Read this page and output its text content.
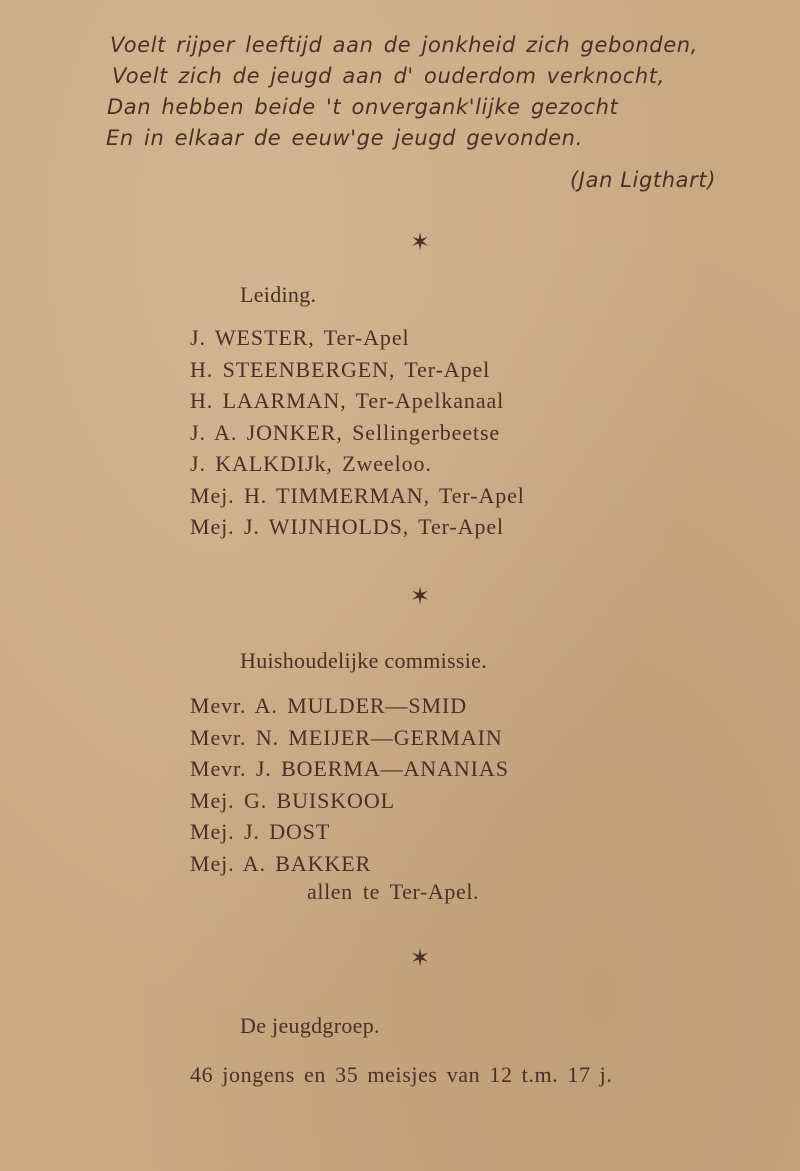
Voelt rijper leeftijd aan de jonkheid zich gebonden,
Voelt zich de jeugd aan d' ouderdom verknocht,
Dan hebben beide 't onvergank'lijke gezocht
En in elkaar de eeuw'ge jeugd gevonden.
(Jan Ligthart)
✶
Leiding.
J. WESTER, Ter-Apel
H. STEENBERGEN, Ter-Apel
H. LAARMAN, Ter-Apelkanaal
J. A. JONKER, Sellingerbeetse
J. KALKDIJk, Zweeloo.
Mej. H. TIMMERMAN, Ter-Apel
Mej. J. WIJNHOLDS, Ter-Apel
✶
Huishoudelijke commissie.
Mevr. A. MULDER—SMID
Mevr. N. MEIJER—GERMAIN
Mevr. J. BOERMA—ANANIAS
Mej. G. BUISKOOL
Mej. J. DOST
Mej. A. BAKKER
allen te Ter-Apel.
✶
De jeugdgroep.
46 jongens en 35 meisjes van 12 t.m. 17 j.
